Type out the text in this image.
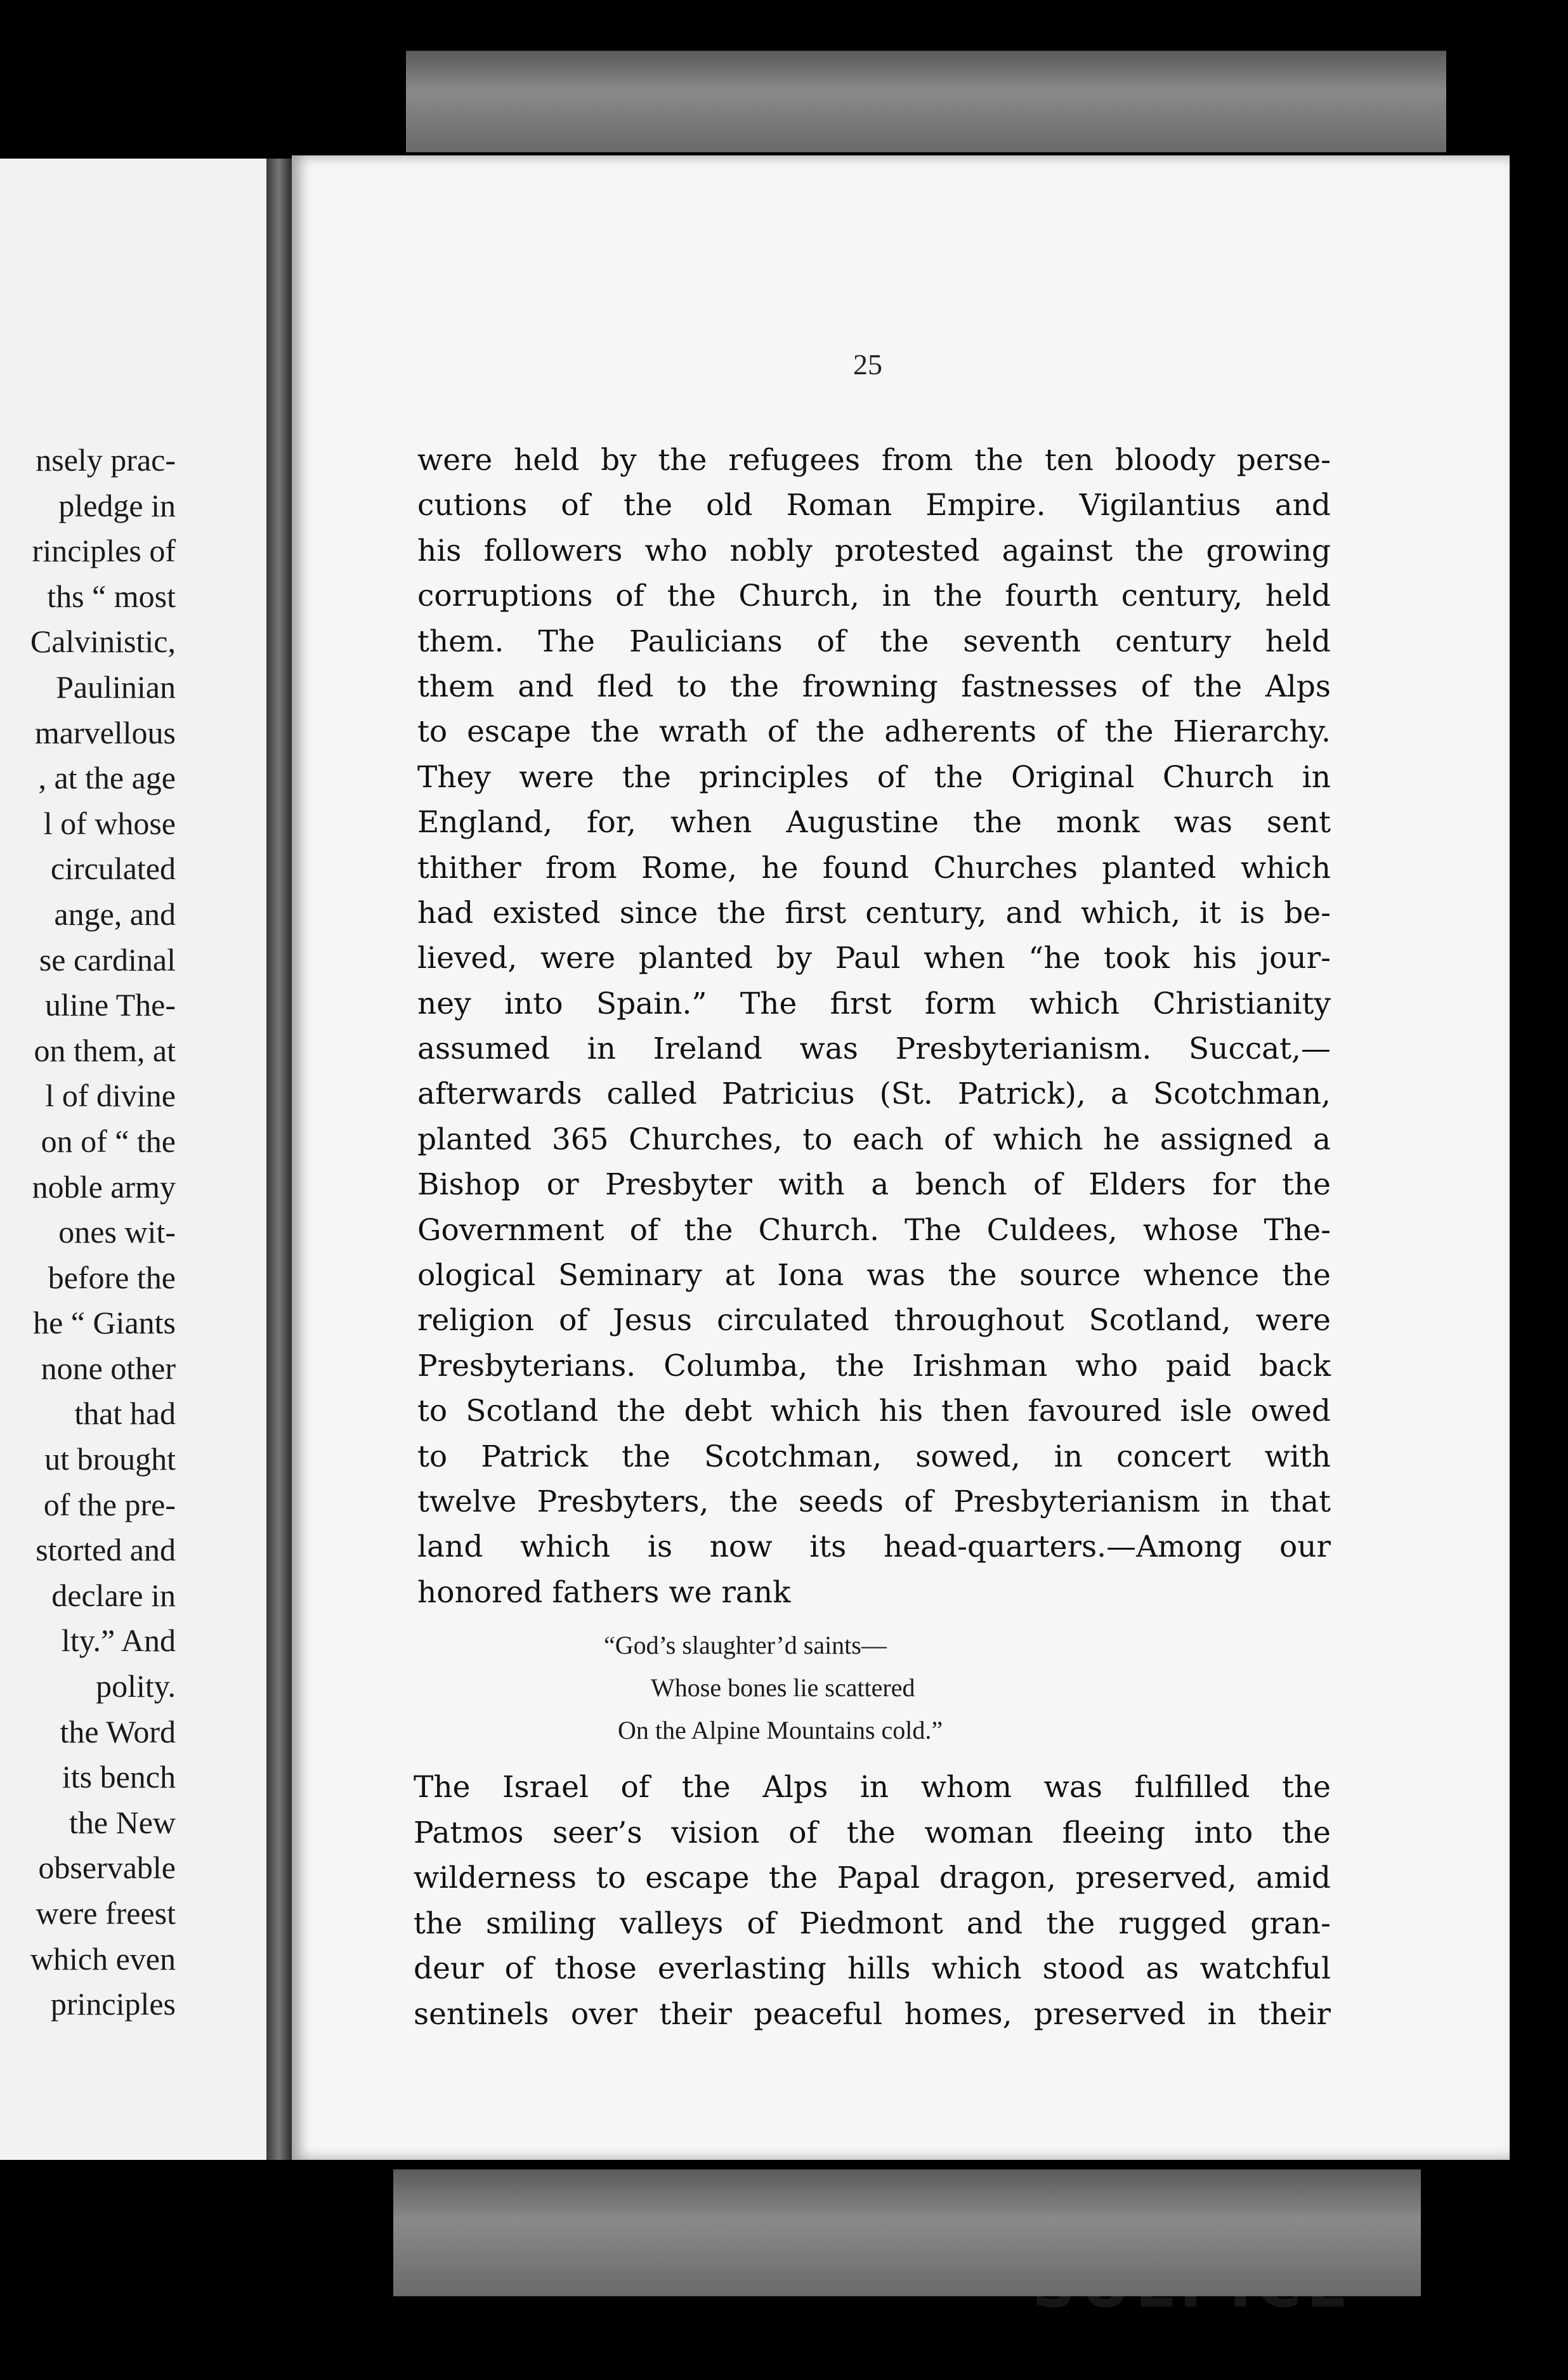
nsely prac-
pledge in
rinciples of
ths “ most
Calvinistic,
Paulinian
marvellous
, at the age
l of whose
circulated
ange, and
se cardinal
uline The-
on them, at
l of divine
on of “ the
noble army
ones wit-
before the
he “ Giants
none other
that had
ut brought
of the pre-
storted and
declare in
lty.” And
polity.
the Word
its bench
the New
observable
were freest
which even
principles
25
were held by the refugees from the ten bloody perse-
cutions of the old Roman Empire. Vigilantius and
his followers who nobly protested against the growing
corruptions of the Church, in the fourth century, held
them. The Paulicians of the seventh century held
them and fled to the frowning fastnesses of the Alps
to escape the wrath of the adherents of the Hierarchy.
They were the principles of the Original Church in
England, for, when Augustine the monk was sent
thither from Rome, he found Churches planted which
had existed since the first century, and which, it is be-
lieved, were planted by Paul when “he took his jour-
ney into Spain.” The first form which Christianity
assumed in Ireland was Presbyterianism. Succat,—
afterwards called Patricius (St. Patrick), a Scotchman,
planted 365 Churches, to each of which he assigned a
Bishop or Presbyter with a bench of Elders for the
Government of the Church. The Culdees, whose The-
ological Seminary at Iona was the source whence the
religion of Jesus circulated throughout Scotland, were
Presbyterians. Columba, the Irishman who paid back
to Scotland the debt which his then favoured isle owed
to Patrick the Scotchman, sowed, in concert with
twelve Presbyters, the seeds of Presbyterianism in that
land which is now its head-quarters.—Among our
honored fathers we rank
“God’s slaughter’d saints—
Whose bones lie scattered
On the Alpine Mountains cold.”
The Israel of the Alps in whom was fulfilled the
Patmos seer’s vision of the woman fleeing into the
wilderness to escape the Papal dragon, preserved, amid
the smiling valleys of Piedmont and the rugged gran-
deur of those everlasting hills which stood as watchful
sentinels over their peaceful homes, preserved in their
